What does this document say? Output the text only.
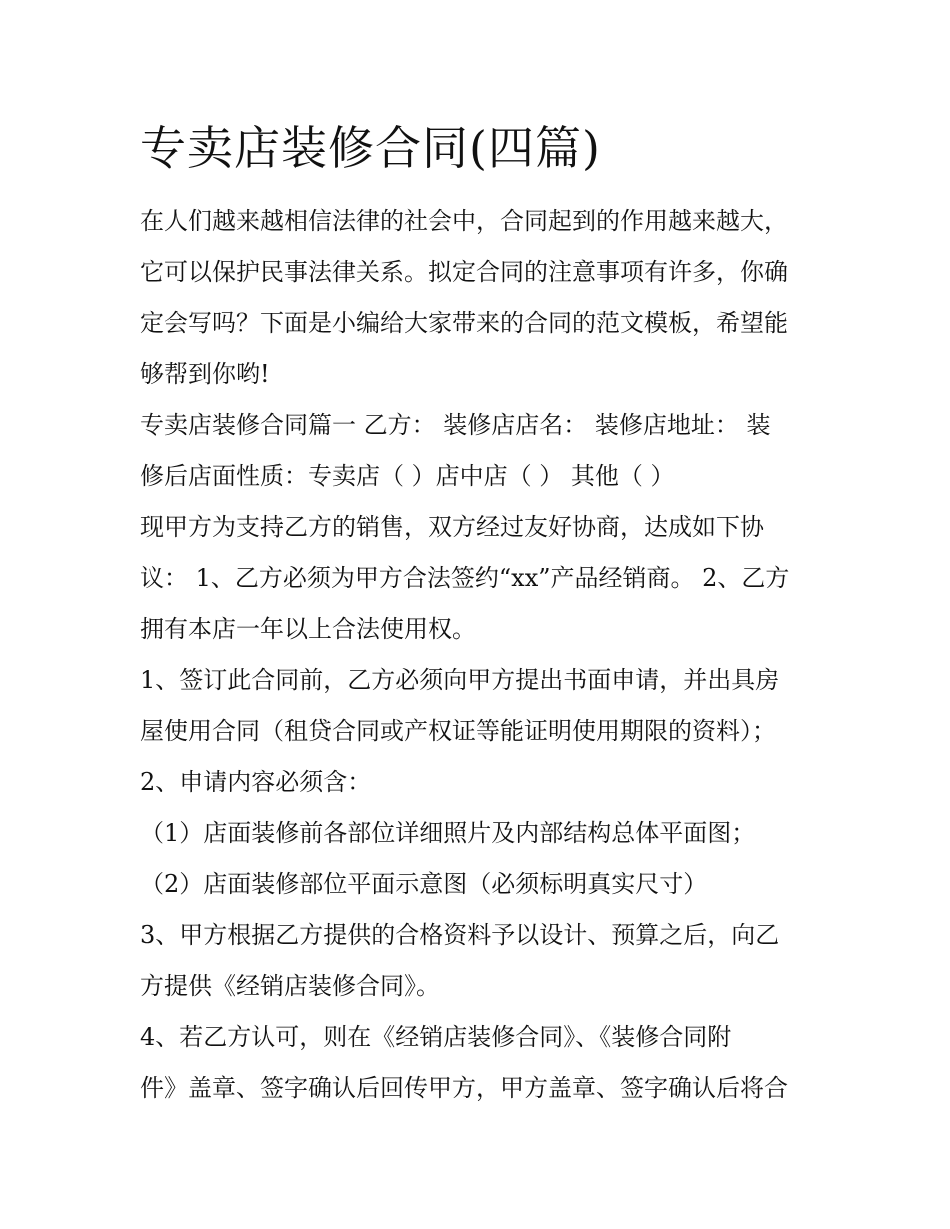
专卖店装修合同(四篇)

在人们越来越相信法律的社会中，合同起到的作用越来越大，

它可以保护民事法律关系。拟定合同的注意事项有许多，你确

定会写吗？下面是小编给大家带来的合同的范文模板，希望能

够帮到你哟!

专卖店装修合同篇一 乙方： 装修店店名： 装修店地址： 装

修后店面性质：专卖店（ ）店中店（ ） 其他（ ）

现甲方为支持乙方的销售，双方经过友好协商，达成如下协

议： 1、乙方必须为甲方合法签约“xx”产品经销商。 2、乙方

拥有本店一年以上合法使用权。

1、签订此合同前，乙方必须向甲方提出书面申请，并出具房

屋使用合同（租贷合同或产权证等能证明使用期限的资料）；

2、申请内容必须含：

（1）店面装修前各部位详细照片及内部结构总体平面图；

（2）店面装修部位平面示意图（必须标明真实尺寸）

3、甲方根据乙方提供的合格资料予以设计、预算之后，向乙

方提供《经销店装修合同》。

4、若乙方认可，则在《经销店装修合同》、《装修合同附

件》盖章、签字确认后回传甲方，甲方盖章、签字确认后将合
